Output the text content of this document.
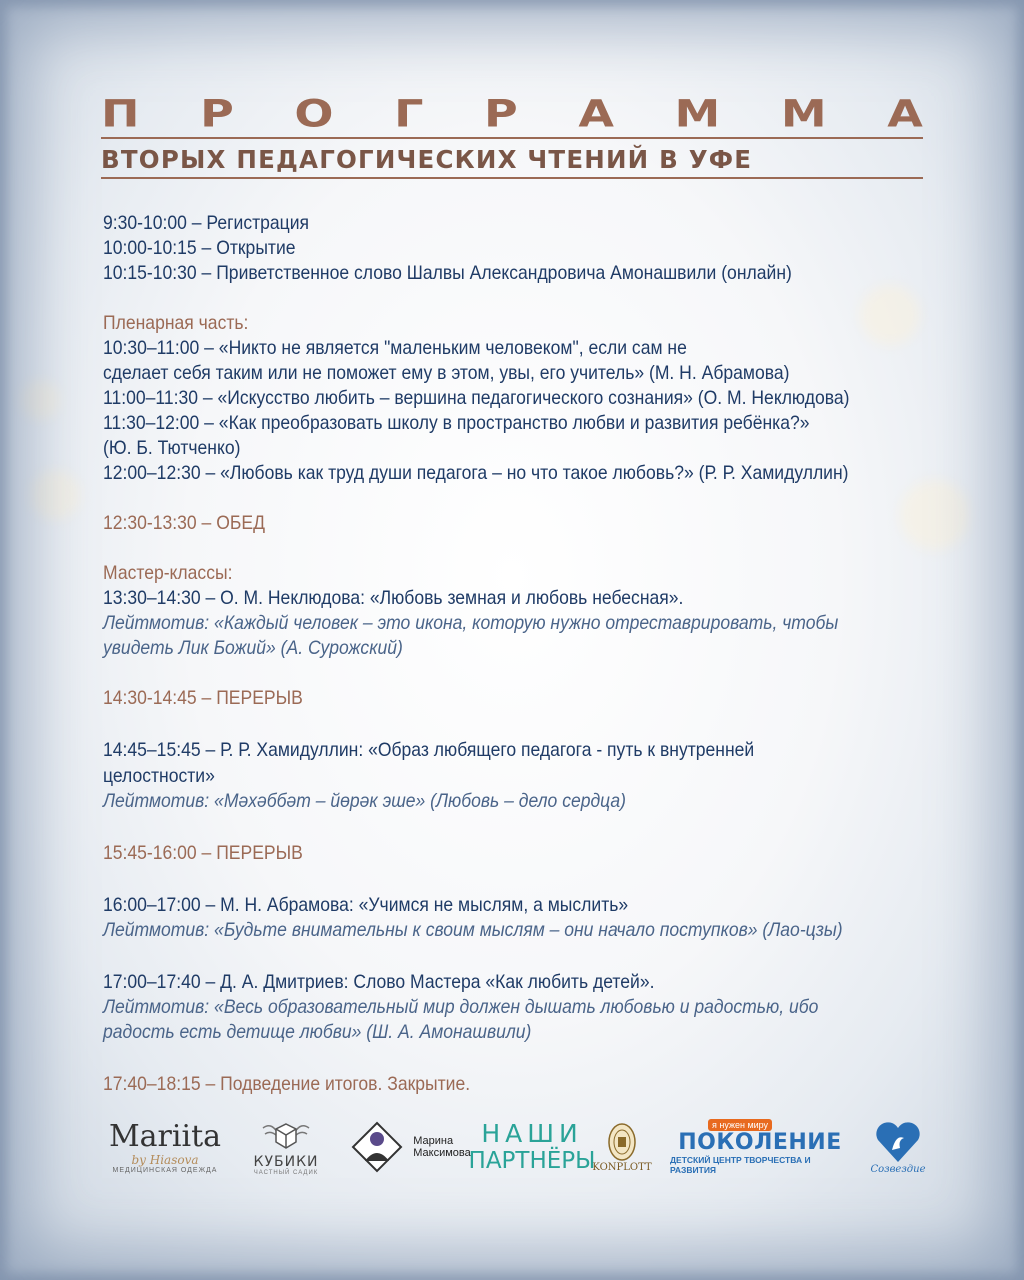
П Р О Г Р А М М А
ВТОРЫХ ПЕДАГОГИЧЕСКИХ ЧТЕНИЙ В УФЕ
9:30-10:00 – Регистрация
10:00-10:15 – Открытие
10:15-10:30 – Приветственное слово Шалвы Александровича Амонашвили (онлайн)
Пленарная часть:
10:30–11:00 – «Никто не является "маленьким человеком", если сам не
сделает себя таким или не поможет ему в этом, увы, его учитель» (М. Н. Абрамова)
11:00–11:30 – «Искусство любить – вершина педагогического сознания» (О. М. Неклюдова)
11:30–12:00 – «Как преобразовать школу в пространство любви и развития ребёнка?»
(Ю. Б. Тютченко)
12:00–12:30 – «Любовь как труд души педагога – но что такое любовь?» (Р. Р. Хамидуллин)
12:30-13:30 – ОБЕД
Мастер-классы:
13:30–14:30 – О. М. Неклюдова: «Любовь земная и любовь небесная».
Лейтмотив: «Каждый человек – это икона, которую нужно отреставрировать, чтобы
увидеть Лик Божий» (А. Сурожский)
14:30-14:45 – ПЕРЕРЫВ
14:45–15:45 – Р. Р. Хамидуллин: «Образ любящего педагога - путь к внутренней
целостности»
Лейтмотив: «Мәхәббәт – йөрәк эше» (Любовь – дело сердца)
15:45-16:00 – ПЕРЕРЫВ
16:00–17:00 – М. Н. Абрамова: «Учимся не мыслям, а мыслить»
Лейтмотив: «Будьте внимательны к своим мыслям – они начало поступков» (Лао-цзы)
17:00–17:40 – Д. А. Дмитриев: Слово Мастера «Как любить детей».
Лейтмотив: «Весь образовательный мир должен дышать любовью и радостью, ибо
радость есть детище любви» (Ш. А. Амонашвили)
17:40–18:15 – Подведение итогов. Закрытие.
Mariita
by Hiasova
МЕДИЦИНСКАЯ ОДЕЖДА	КУБИКИ
ЧАСТНЫЙ САДИК
Марина
Максимова
НАШИ
ПАРТНЁРЫ
KONPLOTT
я нужен миру
ПОКОЛЕНИЕ
ДЕТСКИЙ ЦЕНТР ТВОРЧЕСТВА И РАЗВИТИЯ	Созвездие
